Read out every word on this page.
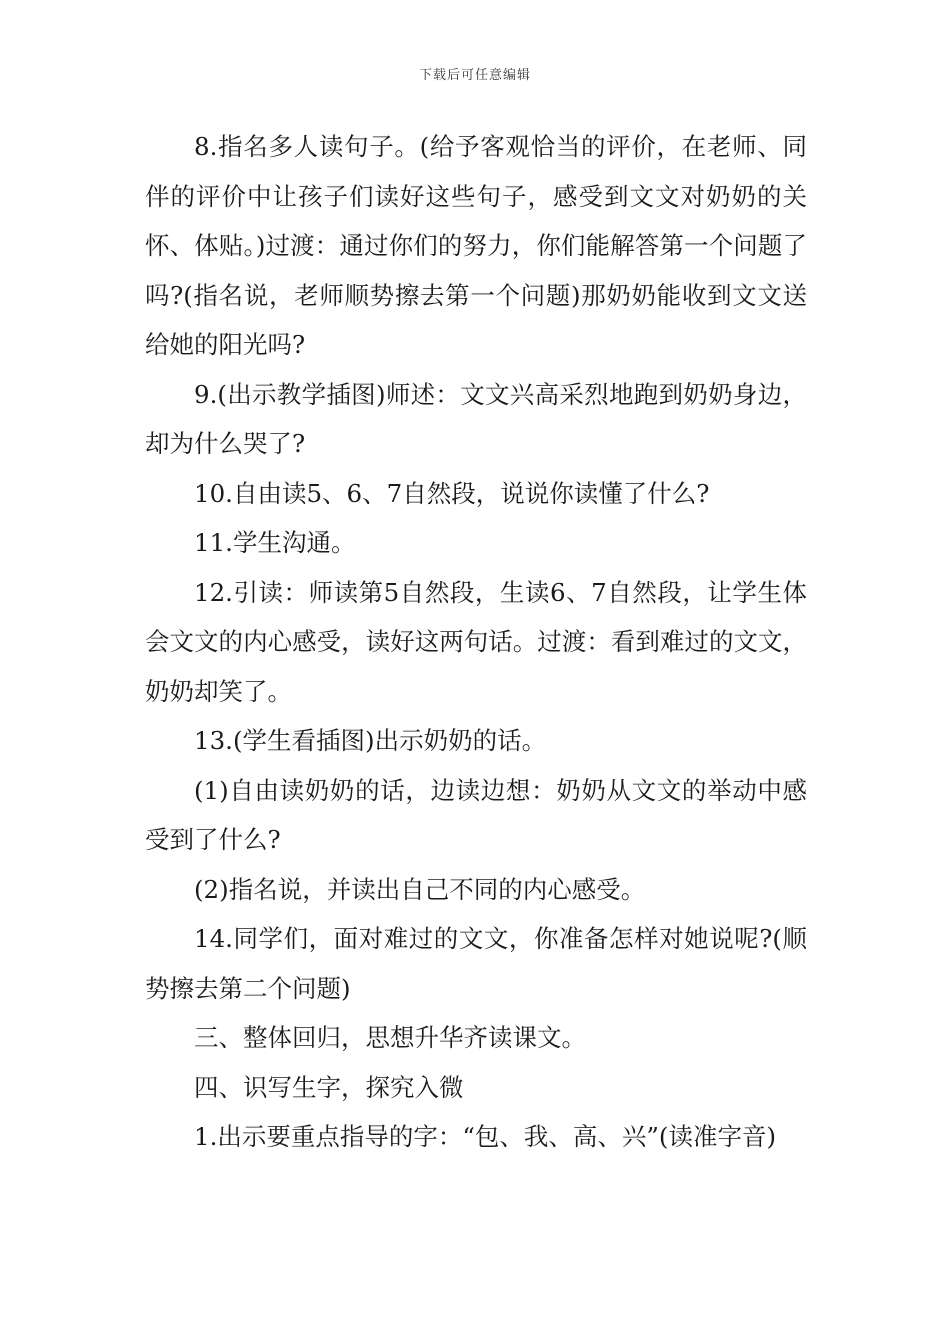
下载后可任意编辑

8.指名多人读句子。(给予客观恰当的评价，在老师、同伴的评价中让孩子们读好这些句子，感受到文文对奶奶的关怀、体贴。)过渡：通过你们的努力，你们能解答第一个问题了吗?(指名说，老师顺势擦去第一个问题)那奶奶能收到文文送给她的阳光吗?

9.(出示教学插图)师述：文文兴高采烈地跑到奶奶身边，却为什么哭了?

10.自由读5、6、7自然段，说说你读懂了什么?

11.学生沟通。

12.引读：师读第5自然段，生读6、7自然段，让学生体会文文的内心感受，读好这两句话。过渡：看到难过的文文，奶奶却笑了。

13.(学生看插图)出示奶奶的话。

(1)自由读奶奶的话，边读边想：奶奶从文文的举动中感受到了什么?

(2)指名说，并读出自己不同的内心感受。

14.同学们，面对难过的文文，你准备怎样对她说呢?(顺势擦去第二个问题)

三、整体回归，思想升华齐读课文。

四、识写生字，探究入微

1.出示要重点指导的字：“包、我、高、兴”(读准字音)
